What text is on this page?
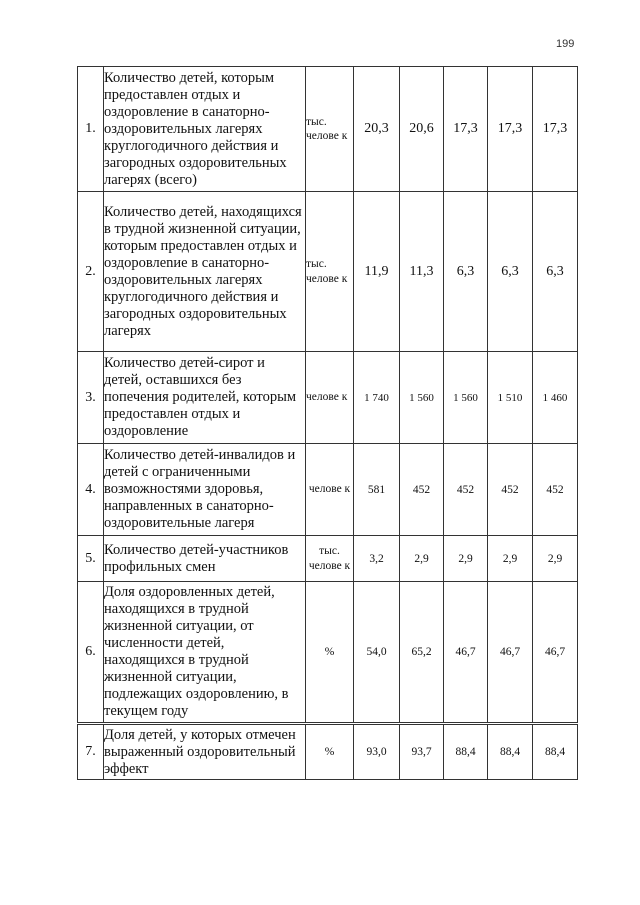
199
1.	Количество детей, которым предоставлен отдых и оздоровление в санаторно-оздоровительных лагерях круглогодичного действия и загородных оздоровительных лагерях (всего)	тыс. челове к	20,3	20,6	17,3	17,3	17,3
2.	Количество детей, находящихся в трудной жизненной ситуации, которым предоставлен отдых и оздоровлеnие в санаторно-оздоровительных лагерях круглогодичного действия и загородных оздоровительных лагерях	тыс. челове к	11,9	11,3	6,3	6,3	6,3
3.	Количество детей-сирот и детей, оставшихся без попечения родителей, которым предоставлен отдых и оздоровление	челове к	1 740	1 560	1 560	1 510	1 460
4.	Количество детей-инвалидов и детей с ограниченными возможностями здоровья, направленных в санаторно-оздоровительные лагеря	челове к	581	452	452	452	452
5.	Количество детей-участников профильных смен	тыс. челове к	3,2	2,9	2,9	2,9	2,9
6.	Доля оздоровленных детей, находящихся в трудной жизненной ситуации, от численности детей, находящихся в трудной жизненной ситуации, подлежащих оздоровлению, в текущем году	%	54,0	65,2	46,7	46,7	46,7
7.	Доля детей, у которых отмечен выраженный оздоровительный эффект	%	93,0	93,7	88,4	88,4	88,4
